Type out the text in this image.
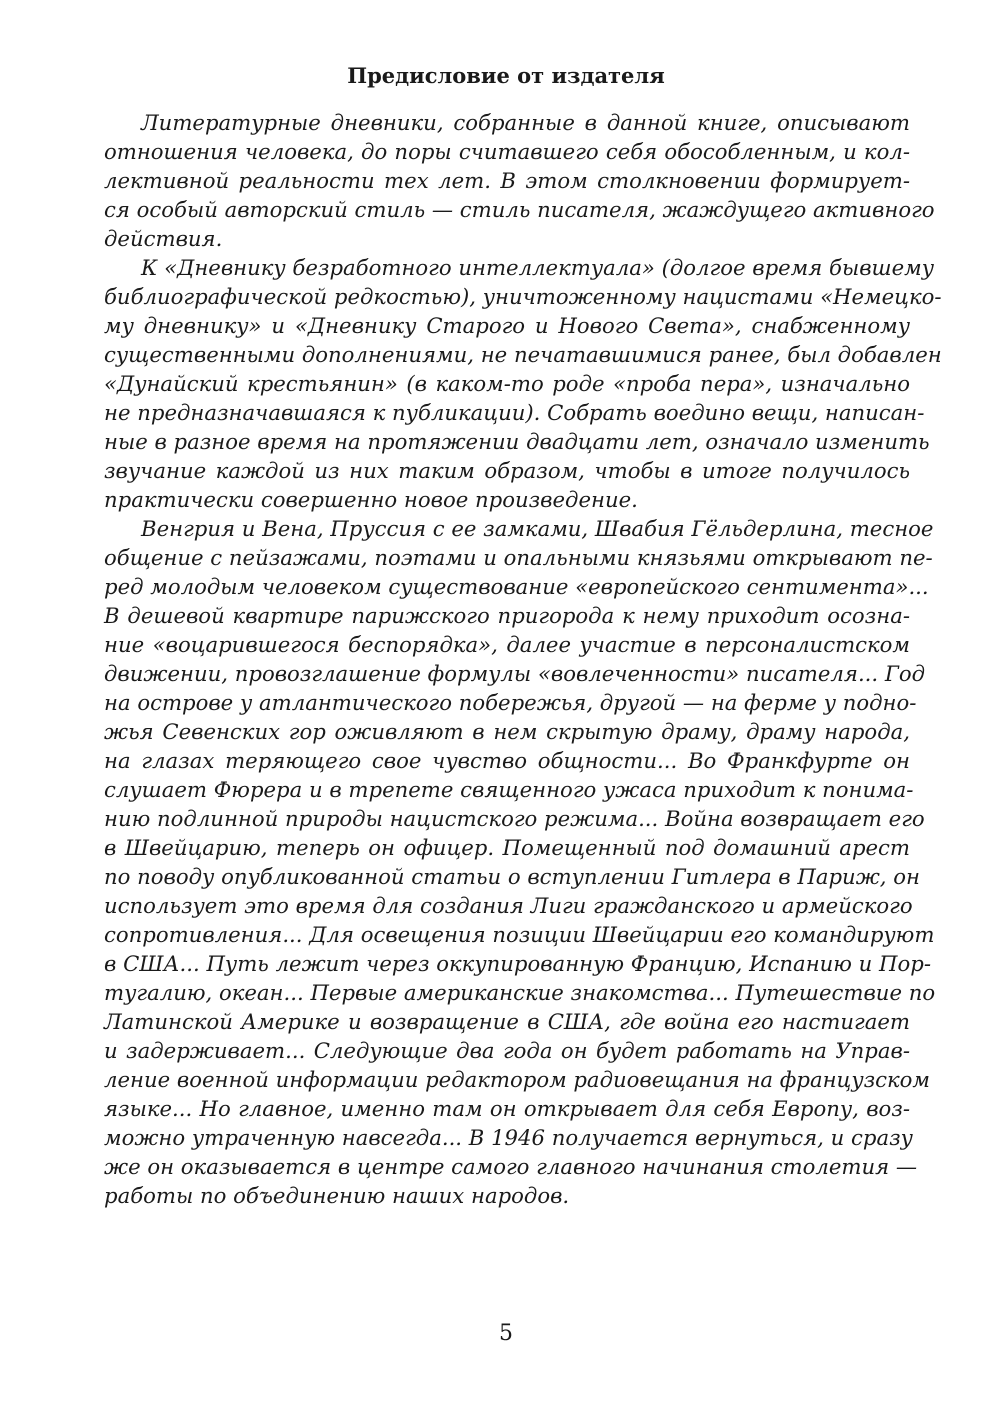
Предисловие от издателя
Литературные дневники, собранные в данной книге, описывают
отношения человека, до поры считавшего себя обособленным, и кол-
лективной реальности тех лет. В этом столкновении формирует-
ся особый авторский стиль — стиль писателя, жаждущего активного
действия.
К «Дневнику безработного интеллектуала» (долгое время бывшему
библиографической редкостью), уничтоженному нацистами «Немецко-
му дневнику» и «Дневнику Старого и Нового Света», снабженному
существенными дополнениями, не печатавшимися ранее, был добавлен
«Дунайский крестьянин» (в каком-то роде «проба пера», изначально
не предназначавшаяся к публикации). Собрать воедино вещи, написан-
ные в разное время на протяжении двадцати лет, означало изменить
звучание каждой из них таким образом, чтобы в итоге получилось
практически совершенно новое произведение.
Венгрия и Вена, Пруссия с ее замками, Швабия Гёльдерлина, тесное
общение с пейзажами, поэтами и опальными князьями открывают пе-
ред молодым человеком существование «европейского сентимента»...
В дешевой квартире парижского пригорода к нему приходит осозна-
ние «воцарившегося беспорядка», далее участие в персоналистском
движении, провозглашение формулы «вовлеченности» писателя... Год
на острове у атлантического побережья, другой — на ферме у подно-
жья Севенских гор оживляют в нем скрытую драму, драму народа,
на глазах теряющего свое чувство общности... Во Франкфурте он
слушает Фюрера и в трепете священного ужаса приходит к понима-
нию подлинной природы нацистского режима... Война возвращает его
в Швейцарию, теперь он офицер. Помещенный под домашний арест
по поводу опубликованной статьи о вступлении Гитлера в Париж, он
использует это время для создания Лиги гражданского и армейского
сопротивления... Для освещения позиции Швейцарии его командируют
в США... Путь лежит через оккупированную Францию, Испанию и Пор-
тугалию, океан... Первые американские знакомства... Путешествие по
Латинской Америке и возвращение в США, где война его настигает
и задерживает... Следующие два года он будет работать на Управ-
ление военной информации редактором радиовещания на французском
языке... Но главное, именно там он открывает для себя Европу, воз-
можно утраченную навсегда... В 1946 получается вернуться, и сразу
же он оказывается в центре самого главного начинания столетия —
работы по объединению наших народов.
5
